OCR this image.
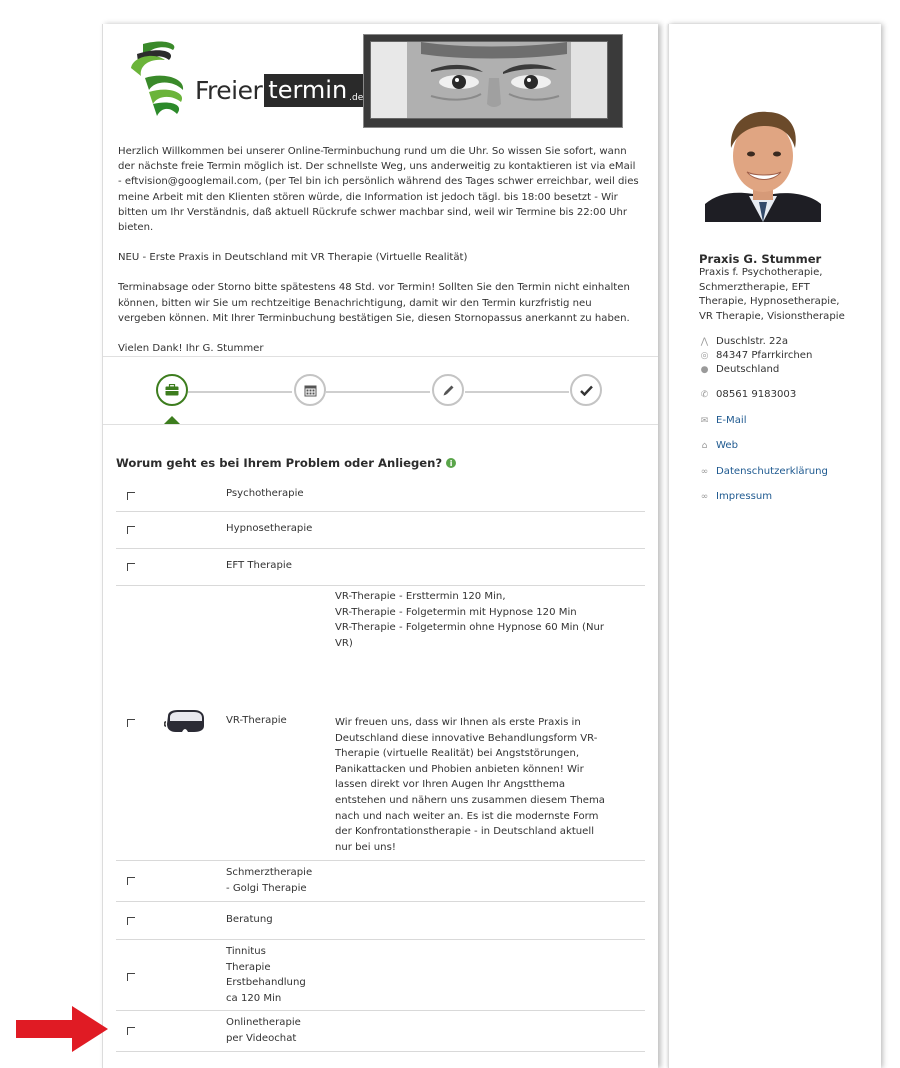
Freier termin .de

Herzlich Willkommen bei unserer Online-Terminbuchung rund um die Uhr. So wissen Sie sofort, wann der nächste freie Termin möglich ist. Der schnellste Weg, uns anderweitig zu kontaktieren ist via eMail - eftvision@googlemail.com, (per Tel bin ich persönlich während des Tages schwer erreichbar, weil dies meine Arbeit mit den Klienten stören würde, die Information ist jedoch tägl. bis 18:00 besetzt - Wir bitten um Ihr Verständnis, daß aktuell Rückrufe schwer machbar sind, weil wir Termine bis 22:00 Uhr bieten.

NEU - Erste Praxis in Deutschland mit VR Therapie (Virtuelle Realität)

Terminabsage oder Storno bitte spätestens 48 Std. vor Termin! Sollten Sie den Termin nicht einhalten können, bitten wir Sie um rechtzeitige Benachrichtigung, damit wir den Termin kurzfristig neu vergeben können. Mit Ihrer Terminbuchung bestätigen Sie, diesen Stornopassus anerkannt zu haben.

Vielen Dank! Ihr G. Stummer

Worum geht es bei Ihrem Problem oder Anliegen? i
Psychotherapie
Hypnosetherapie
EFT Therapie
VR-Therapie
VR-Therapie - Ersttermin 120 Min,
VR-Therapie - Folgetermin mit Hypnose 120 Min
VR-Therapie - Folgetermin ohne Hypnose 60 Min (Nur
VR)
Wir freuen uns, dass wir Ihnen als erste Praxis in
Deutschland diese innovative Behandlungsform VR-
Therapie (virtuelle Realität) bei Angststörungen,
Panikattacken und Phobien anbieten können! Wir
lassen direkt vor Ihren Augen Ihr Angstthema
entstehen und nähern uns zusammen diesem Thema
nach und nach weiter an. Es ist die modernste Form
der Konfrontationstherapie - in Deutschland aktuell
nur bei uns!
Schmerztherapie
- Golgi Therapie
Beratung
Tinnitus
Therapie
Erstbehandlung
ca 120 Min
Onlinetherapie
per Videochat
Praxis G. Stummer
Praxis f. Psychotherapie,
Schmerztherapie, EFT
Therapie, Hypnosetherapie,
VR Therapie, Visionstherapie
⋀ Duschlstr. 22a
◎ 84347 Pfarrkirchen
● Deutschland
✆ 08561 9183003
✉ E-Mail
⌂ Web
∞ Datenschutzerklärung
∞ Impressum
